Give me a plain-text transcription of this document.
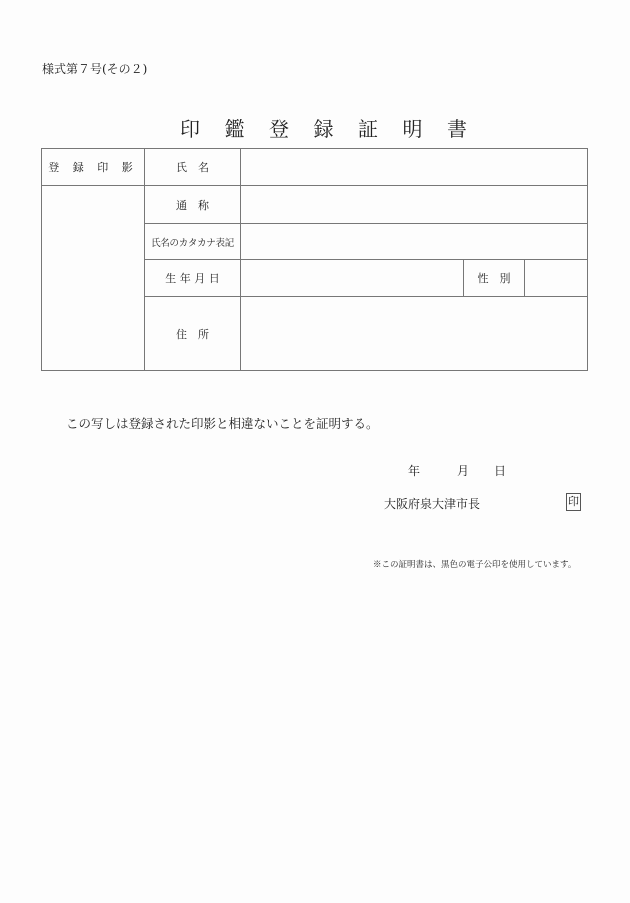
様式第７号(その２)
印	鑑	登	録	証	明	書
登 録 印 影	氏　名			
	通　称			
	氏名のカタカナ表記			
	生 年 月 日		性　別	
	住　所			
この写しは登録された印影と相違ないことを証明する。
年	月 日
大阪府泉大津市長	印
※この証明書は、黒色の電子公印を使用しています。
